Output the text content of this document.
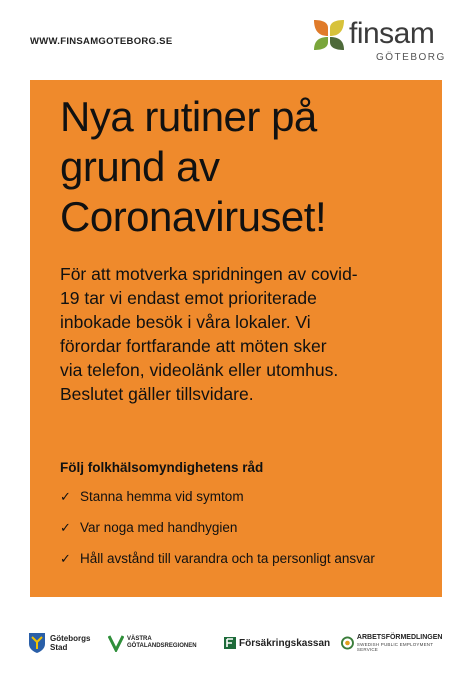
WWW.FINSAMGOTEBORG.SE	finsam
GÖTEBORG
Nya rutiner på
grund av
Coronaviruset!

För att motverka spridningen av covid-
19 tar vi endast emot prioriterade
inbokade besök i våra lokaler. Vi
förordar fortfarande att möten sker
via telefon, videolänk eller utomhus.
Beslutet gäller tillsvidare.

Följ folkhälsomyndighetens råd
✓ Stanna hemma vid symtom
✓ Var noga med handhygien
✓ Håll avstånd till varandra och ta personligt ansvar
Göteborgs
Stad
VÄSTRA
GÖTALANDSREGIONEN	Försäkringskassan	ARBETSFÖRMEDLINGEN
SWEDISH PUBLIC EMPLOYMENT SERVICE
